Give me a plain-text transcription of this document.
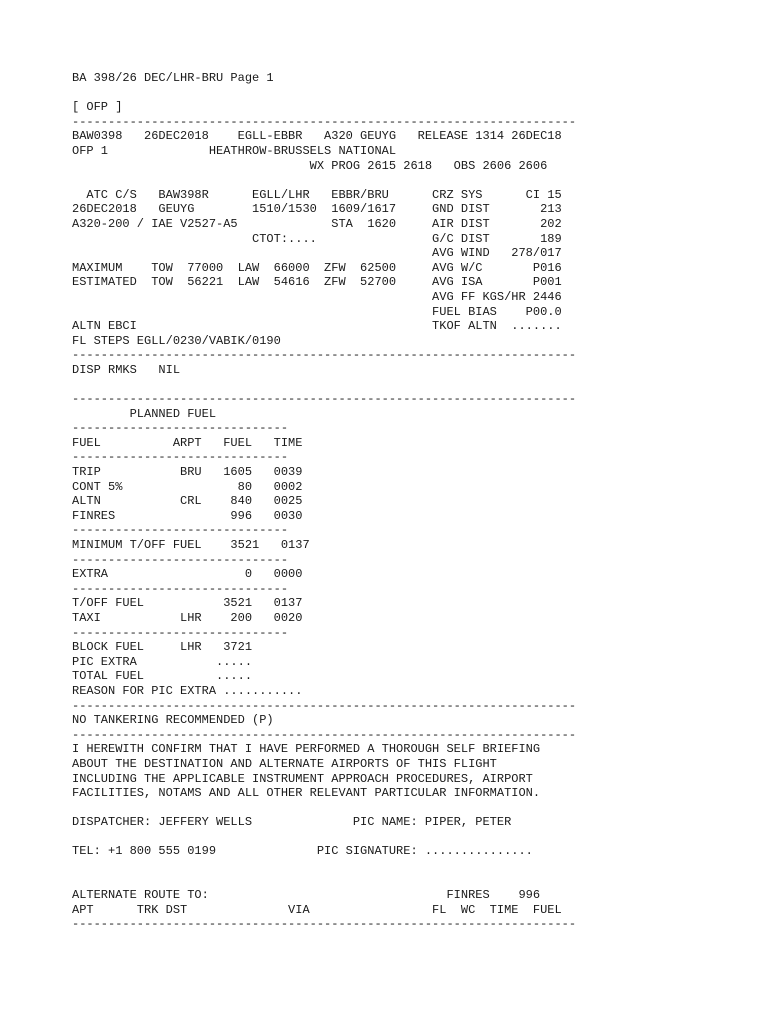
BA 398/26 DEC/LHR-BRU Page 1
[ OFP ]
----------------------------------------------------------------------
BAW0398   26DEC2018    EGLL-EBBR   A320 GEUYG   RELEASE 1314 26DEC18
OFP 1              HEATHROW-BRUSSELS NATIONAL
WX PROG 2615 2618   OBS 2606 2606
ATC C/S   BAW398R      EGLL/LHR   EBBR/BRU      CRZ SYS      CI 15
26DEC2018   GEUYG        1510/1530  1609/1617     GND DIST       213
A320-200 / IAE V2527-A5             STA  1620     AIR DIST       202
CTOT:....                G/C DIST       189
AVG WIND   278/017
MAXIMUM    TOW  77000  LAW  66000  ZFW  62500     AVG W/C       P016
ESTIMATED  TOW  56221  LAW  54616  ZFW  52700     AVG ISA       P001
AVG FF KGS/HR 2446
FUEL BIAS    P00.0
ALTN EBCI                                         TKOF ALTN  .......
FL STEPS EGLL/0230/VABIK/0190
----------------------------------------------------------------------
DISP RMKS   NIL
----------------------------------------------------------------------
PLANNED FUEL
------------------------------
FUEL          ARPT   FUEL   TIME
------------------------------
TRIP           BRU   1605   0039
CONT 5%                80   0002
ALTN           CRL    840   0025
FINRES                996   0030
------------------------------
MINIMUM T/OFF FUEL    3521   0137
------------------------------
EXTRA                   0   0000
------------------------------
T/OFF FUEL           3521   0137
TAXI           LHR    200   0020
------------------------------
BLOCK FUEL     LHR   3721
PIC EXTRA           .....
TOTAL FUEL          .....
REASON FOR PIC EXTRA ...........
----------------------------------------------------------------------
NO TANKERING RECOMMENDED (P)
----------------------------------------------------------------------
I HEREWITH CONFIRM THAT I HAVE PERFORMED A THOROUGH SELF BRIEFING
ABOUT THE DESTINATION AND ALTERNATE AIRPORTS OF THIS FLIGHT
INCLUDING THE APPLICABLE INSTRUMENT APPROACH PROCEDURES, AIRPORT
FACILITIES, NOTAMS AND ALL OTHER RELEVANT PARTICULAR INFORMATION.
DISPATCHER: JEFFERY WELLS              PIC NAME: PIPER, PETER
TEL: +1 800 555 0199              PIC SIGNATURE: ...............
ALTERNATE ROUTE TO:                                 FINRES    996
APT      TRK DST              VIA                 FL  WC  TIME  FUEL
----------------------------------------------------------------------
